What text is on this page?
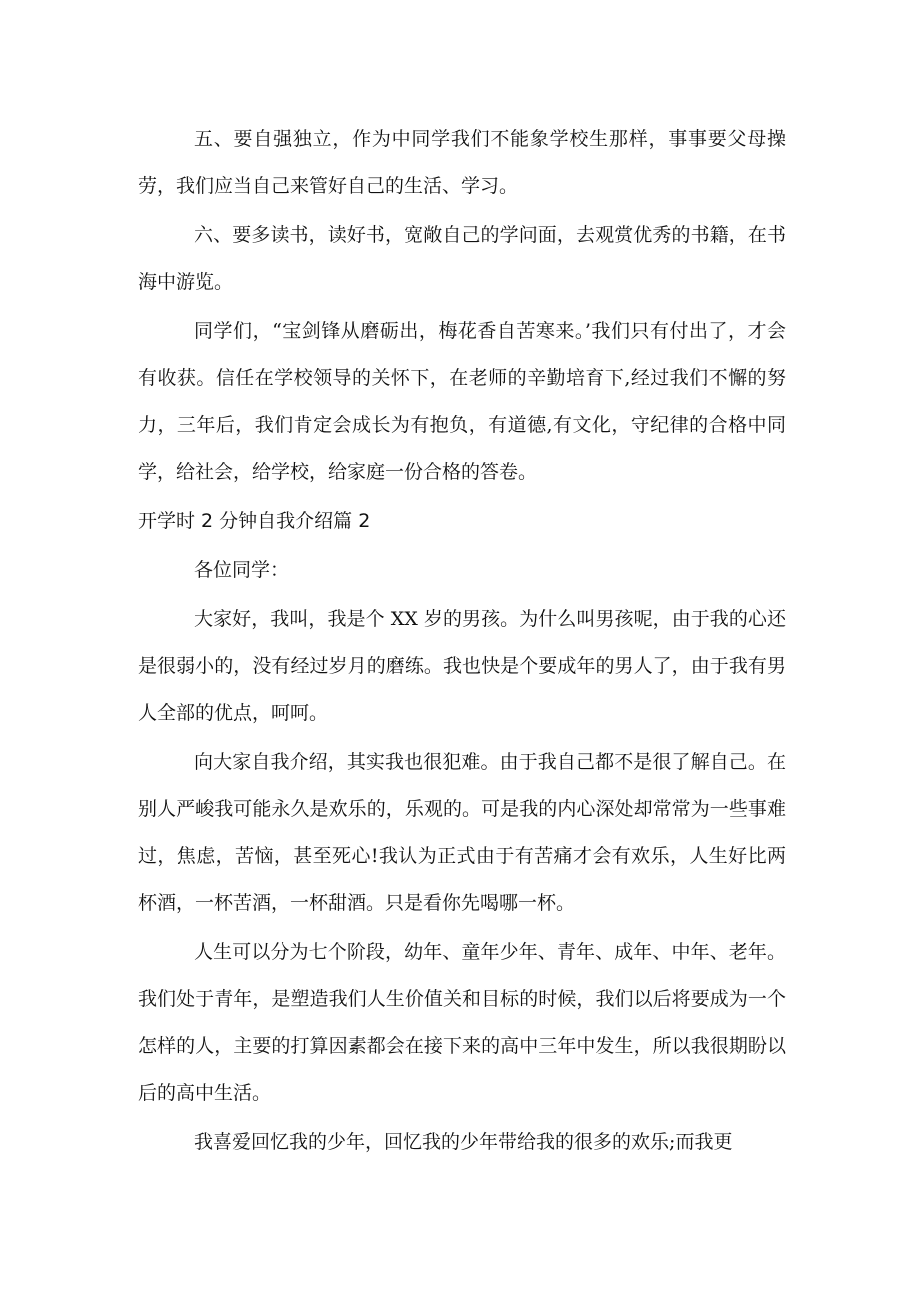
五、要自强独立，作为中同学我们不能象学校生那样，事事要父母操劳，我们应当自己来管好自己的生活、学习。

六、要多读书，读好书，宽敞自己的学问面，去观赏优秀的书籍，在书海中游览。

同学们，“宝剑锋从磨砺出，梅花香自苦寒来。’我们只有付出了，才会有收获。信任在学校领导的关怀下，在老师的辛勤培育下,经过我们不懈的努力，三年后，我们肯定会成长为有抱负，有道德,有文化，守纪律的合格中同学，给社会，给学校，给家庭一份合格的答卷。

开学时 2 分钟自我介绍篇 2

各位同学：

大家好，我叫，我是个 XX 岁的男孩。为什么叫男孩呢，由于我的心还是很弱小的，没有经过岁月的磨练。我也快是个要成年的男人了，由于我有男人全部的优点，呵呵。

向大家自我介绍，其实我也很犯难。由于我自己都不是很了解自己。在别人严峻我可能永久是欢乐的，乐观的。可是我的内心深处却常常为一些事难过，焦虑，苦恼，甚至死心!我认为正式由于有苦痛才会有欢乐，人生好比两杯酒，一杯苦酒，一杯甜酒。只是看你先喝哪一杯。

人生可以分为七个阶段，幼年、童年少年、青年、成年、中年、老年。我们处于青年，是塑造我们人生价值关和目标的时候，我们以后将要成为一个怎样的人，主要的打算因素都会在接下来的高中三年中发生，所以我很期盼以后的高中生活。

我喜爱回忆我的少年，回忆我的少年带给我的很多的欢乐;而我更
